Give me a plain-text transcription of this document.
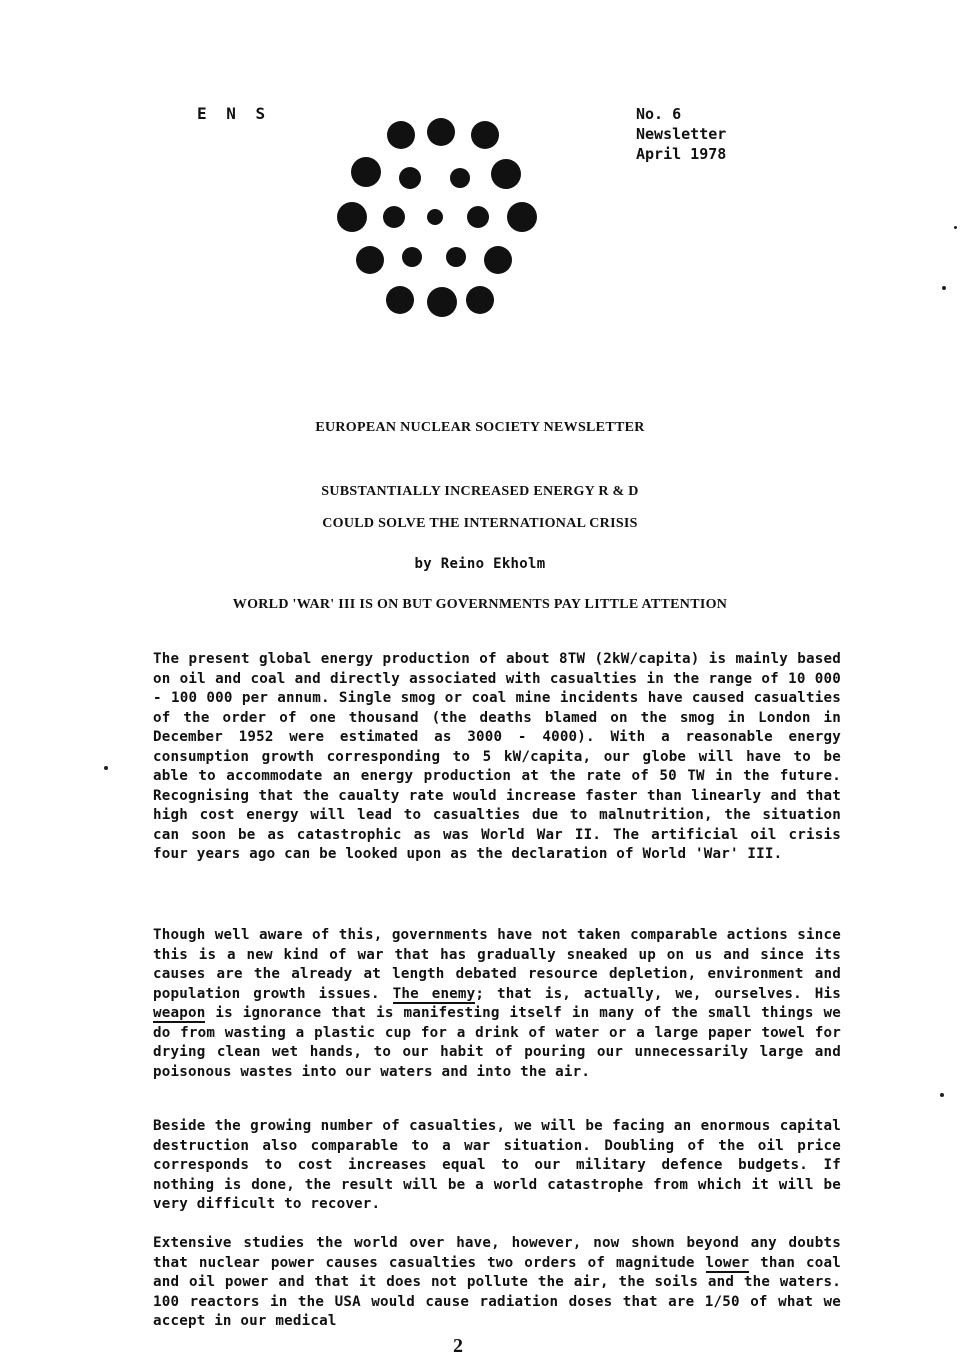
E N S	No. 6
Newsletter
April 1978
EUROPEAN NUCLEAR SOCIETY NEWSLETTER
SUBSTANTIALLY INCREASED ENERGY R & D
COULD SOLVE THE INTERNATIONAL CRISIS
by Reino Ekholm
WORLD 'WAR' III IS ON BUT GOVERNMENTS PAY LITTLE ATTENTION
The present global energy production of about 8TW (2kW/capita) is mainly based on oil and coal and directly associated with casualties in the range of 10 000 - 100 000 per annum. Single smog or coal mine incidents have caused casualties of the order of one thousand (the deaths blamed on the smog in London in December 1952 were estimated as 3000 - 4000). With a reasonable energy consumption growth corresponding to 5 kW/capita, our globe will have to be able to accommodate an energy production at the rate of 50 TW in the future. Recognising that the caualty rate would increase faster than linearly and that high cost energy will lead to casualties due to malnutrition, the situation can soon be as catastrophic as was World War II. The artificial oil crisis four years ago can be looked upon as the declaration of World 'War' III.
Though well aware of this, governments have not taken comparable actions since this is a new kind of war that has gradually sneaked up on us and since its causes are the already at length debated resource depletion, environment and population growth issues. The enemy; that is, actually, we, ourselves. His weapon is ignorance that is manifesting itself in many of the small things we do from wasting a plastic cup for a drink of water or a large paper towel for drying clean wet hands, to our habit of pouring our unnecessarily large and poisonous wastes into our waters and into the air.
Beside the growing number of casualties, we will be facing an enormous capital destruction also comparable to a war situation. Doubling of the oil price corresponds to cost increases equal to our military defence budgets. If nothing is done, the result will be a world catastrophe from which it will be very difficult to recover.
Extensive studies the world over have, however, now shown beyond any doubts that nuclear power causes casualties two orders of magnitude lower than coal and oil power and that it does not pollute the air, the soils and the waters. 100 reactors in the USA would cause radiation doses that are 1/50 of what we accept in our medical
2
